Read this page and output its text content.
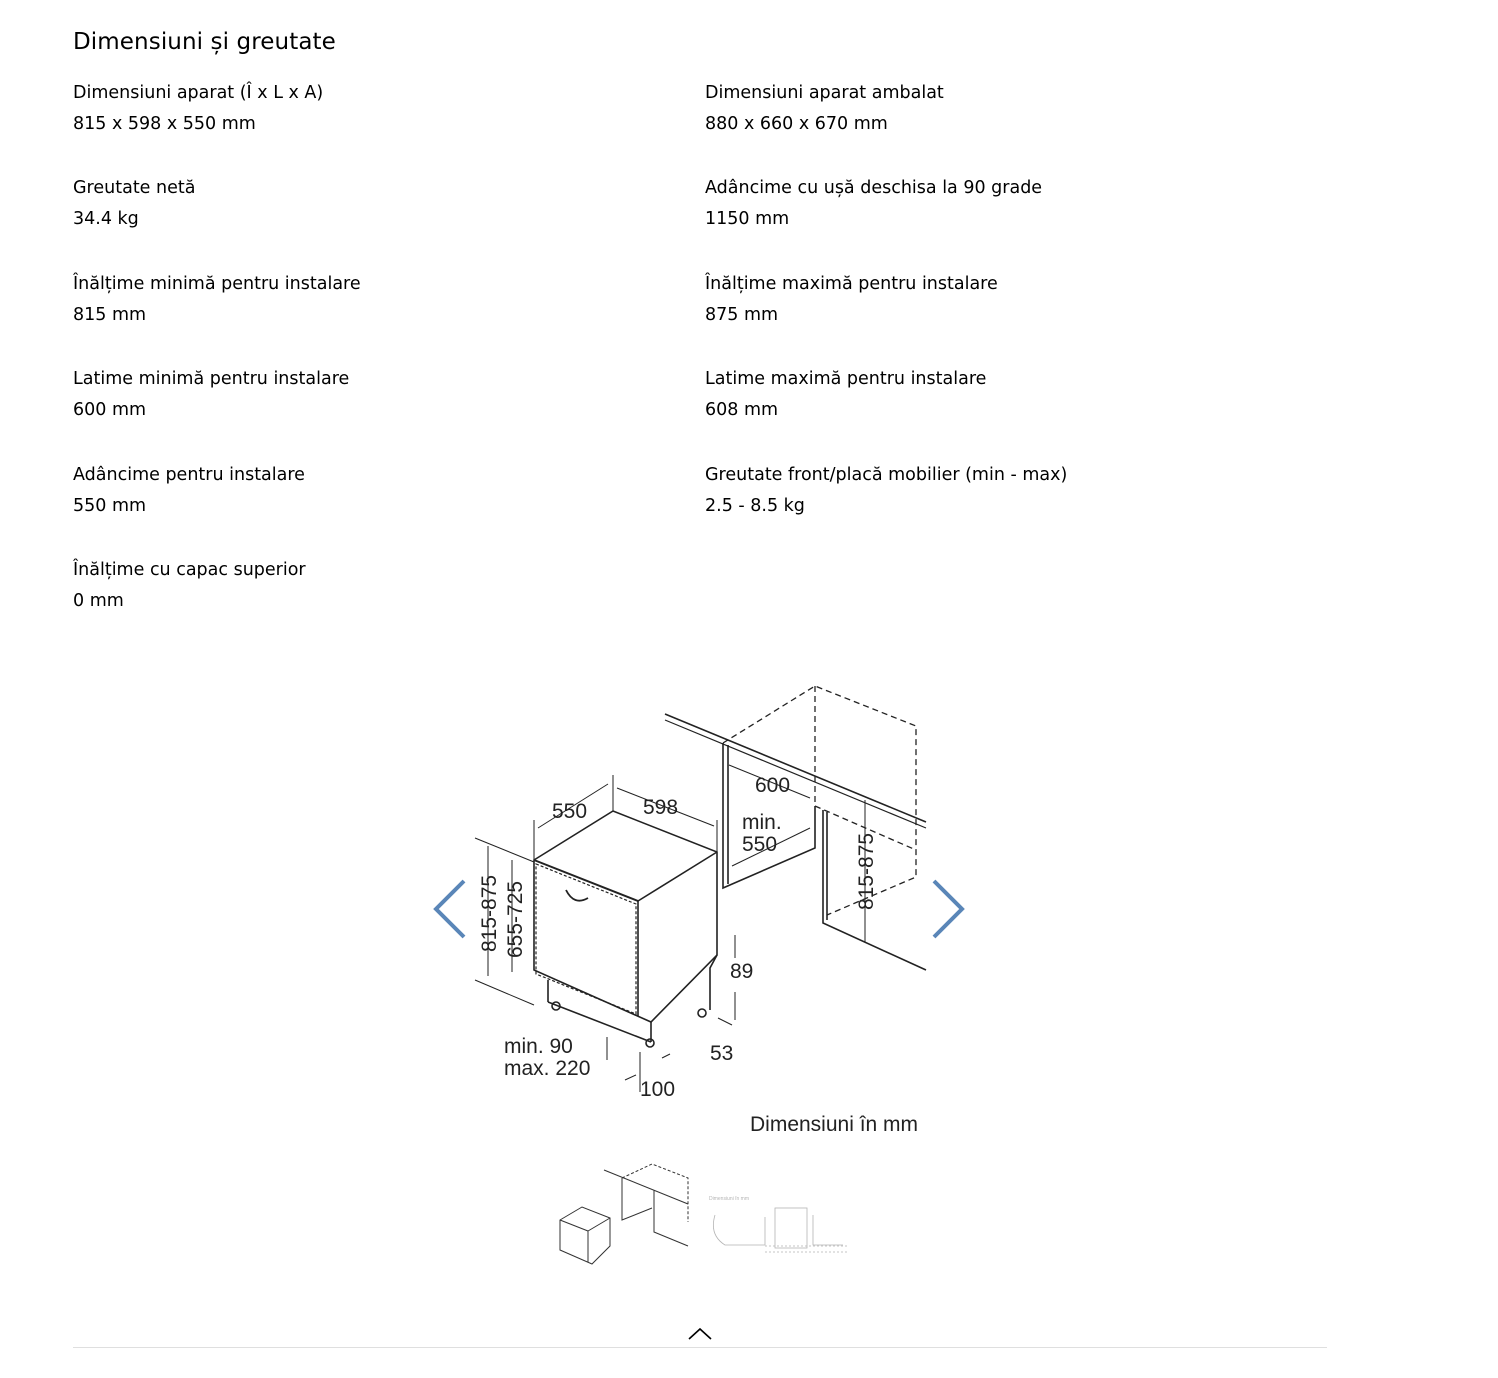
Dimensiuni și greutate
Dimensiuni aparat (Î x L x A)
815 x 598 x 550 mm
Dimensiuni aparat ambalat
880 x 660 x 670 mm
Greutate netă
34.4 kg
Adâncime cu ușă deschisa la 90 grade
1150 mm
Înălțime minimă pentru instalare
815 mm
Înălțime maximă pentru instalare
875 mm
Latime minimă pentru instalare
600 mm
Latime maximă pentru instalare
608 mm
Adâncime pentru instalare
550 mm
Greutate front/placă mobilier (min - max)
2.5 - 8.5 kg
Înălțime cu capac superior
0 mm
550	598
600
min.
550
89
53
100
min. 90
max. 220
815-875 655-725
815-875
Dimensiuni în mm
Dimensiuni în mm
